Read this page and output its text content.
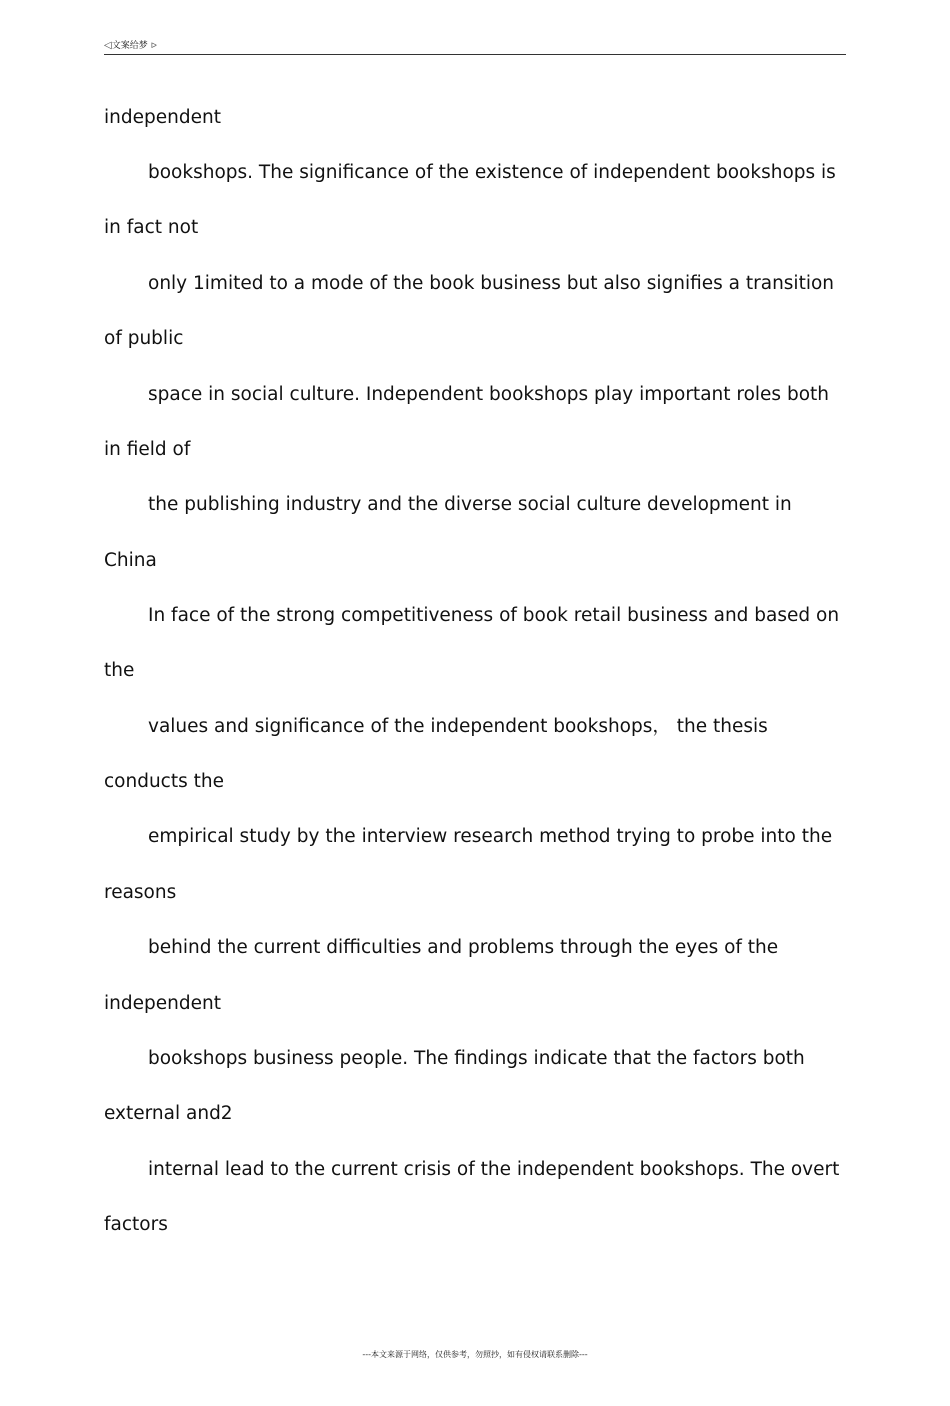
◁文案给梦 ᐅ
independent
bookshops. The significance of the existence of independent bookshops is
in fact not
only 1imited to a mode of the book business but also signifies a transition
of public
space in social culture. Independent bookshops play important roles both
in field of
the publishing industry and the diverse social culture development in
China
In face of the strong competitiveness of book retail business and based on
the
values and significance of the independent bookshops， the thesis
conducts the
empirical study by the interview research method trying to probe into the
reasons
behind the current difficulties and problems through the eyes of the
independent
bookshops business people. The findings indicate that the factors both
external and2
internal lead to the current crisis of the independent bookshops. The overt
factors
---本文来源于网络，仅供参考，勿照抄，如有侵权请联系删除---
